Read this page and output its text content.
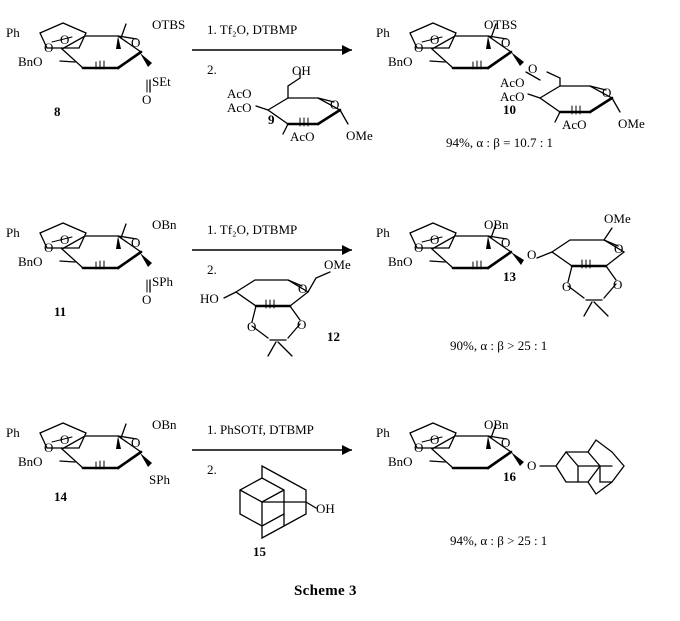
Ph
O
O
OTBS
O
BnO
SEt
O
8
1. Tf₂O, DTBMP
2.	OH
AcO
AcO	O
AcO OMe
9
Ph
O
O
OTBS
O
BnO	O
AcO
AcO	O
AcO OMe
10
94%, α : β = 10.7 : 1
Ph
O
O
OBn
O
BnO
SPh
O
11
1. Tf₂O, DTBMP
2.	OMe
O
HO
O	O
12
Ph
O
O
OBn
O
BnO	O
OMe
O
O	O
13
90%, α : β > 25 : 1
Ph
O
O
OBn
O
BnO
SPh
14
1. PhSOTf, DTBMP
2.
OH
15
Ph
O
O
OBn
O
BnO	O
16
94%, α : β > 25 : 1
Scheme 3
